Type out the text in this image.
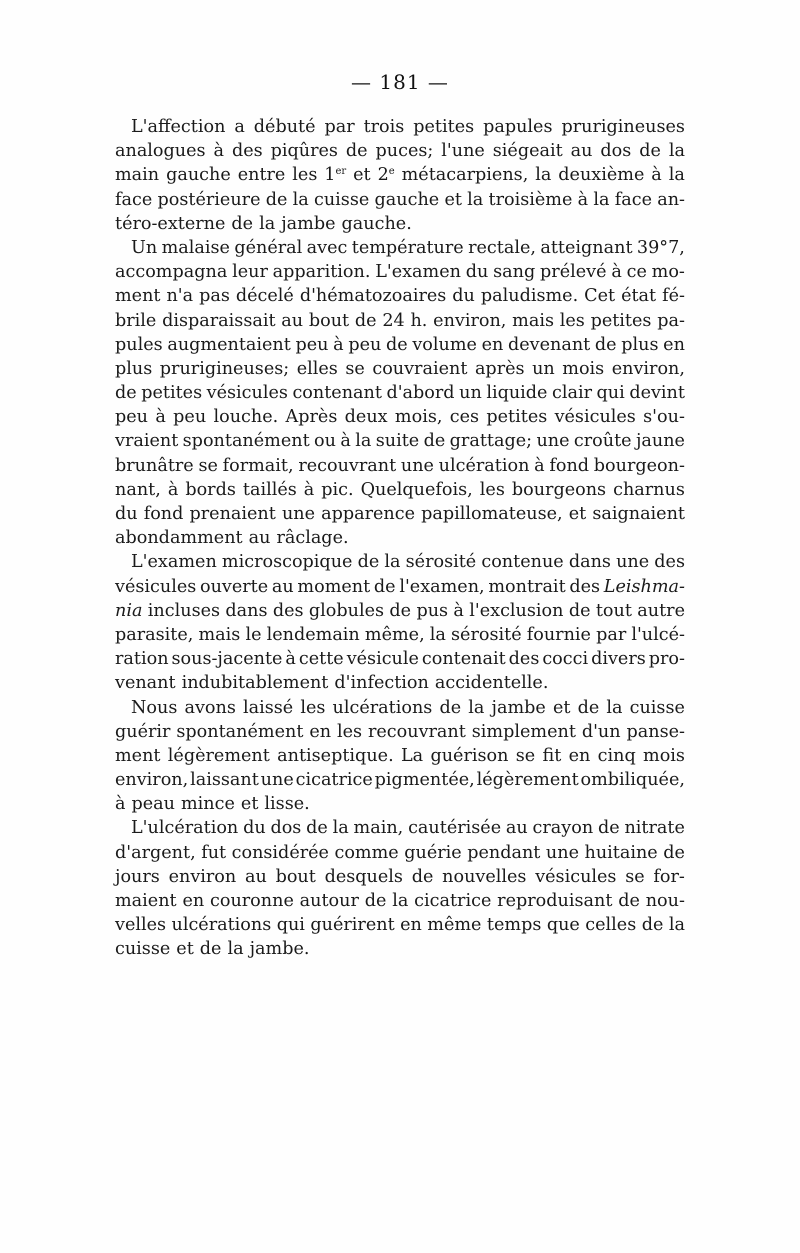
— 181 —
L'affection a débuté par trois petites papules prurigineuses
analogues à des piqûres de puces; l'une siégeait au dos de la
main gauche entre les 1er et 2e métacarpiens, la deuxième à la
face postérieure de la cuisse gauche et la troisième à la face an-
téro-externe de la jambe gauche.
Un malaise général avec température rectale, atteignant 39°7,
accompagna leur apparition. L'examen du sang prélevé à ce mo-
ment n'a pas décelé d'hématozoaires du paludisme. Cet état fé-
brile disparaissait au bout de 24 h. environ, mais les petites pa-
pules augmentaient peu à peu de volume en devenant de plus en
plus prurigineuses; elles se couvraient après un mois environ,
de petites vésicules contenant d'abord un liquide clair qui devint
peu à peu louche. Après deux mois, ces petites vésicules s'ou-
vraient spontanément ou à la suite de grattage; une croûte jaune
brunâtre se formait, recouvrant une ulcération à fond bourgeon-
nant, à bords taillés à pic. Quelquefois, les bourgeons charnus
du fond prenaient une apparence papillomateuse, et saignaient
abondamment au râclage.
L'examen microscopique de la sérosité contenue dans une des
vésicules ouverte au moment de l'examen, montrait des Leishma-
nia incluses dans des globules de pus à l'exclusion de tout autre
parasite, mais le lendemain même, la sérosité fournie par l'ulcé-
ration sous-jacente à cette vésicule contenait des cocci divers pro-
venant indubitablement d'infection accidentelle.
Nous avons laissé les ulcérations de la jambe et de la cuisse
guérir spontanément en les recouvrant simplement d'un panse-
ment légèrement antiseptique. La guérison se fit en cinq mois
environ, laissant une cicatrice pigmentée, légèrement ombiliquée,
à peau mince et lisse.
L'ulcération du dos de la main, cautérisée au crayon de nitrate
d'argent, fut considérée comme guérie pendant une huitaine de
jours environ au bout desquels de nouvelles vésicules se for-
maient en couronne autour de la cicatrice reproduisant de nou-
velles ulcérations qui guérirent en même temps que celles de la
cuisse et de la jambe.
